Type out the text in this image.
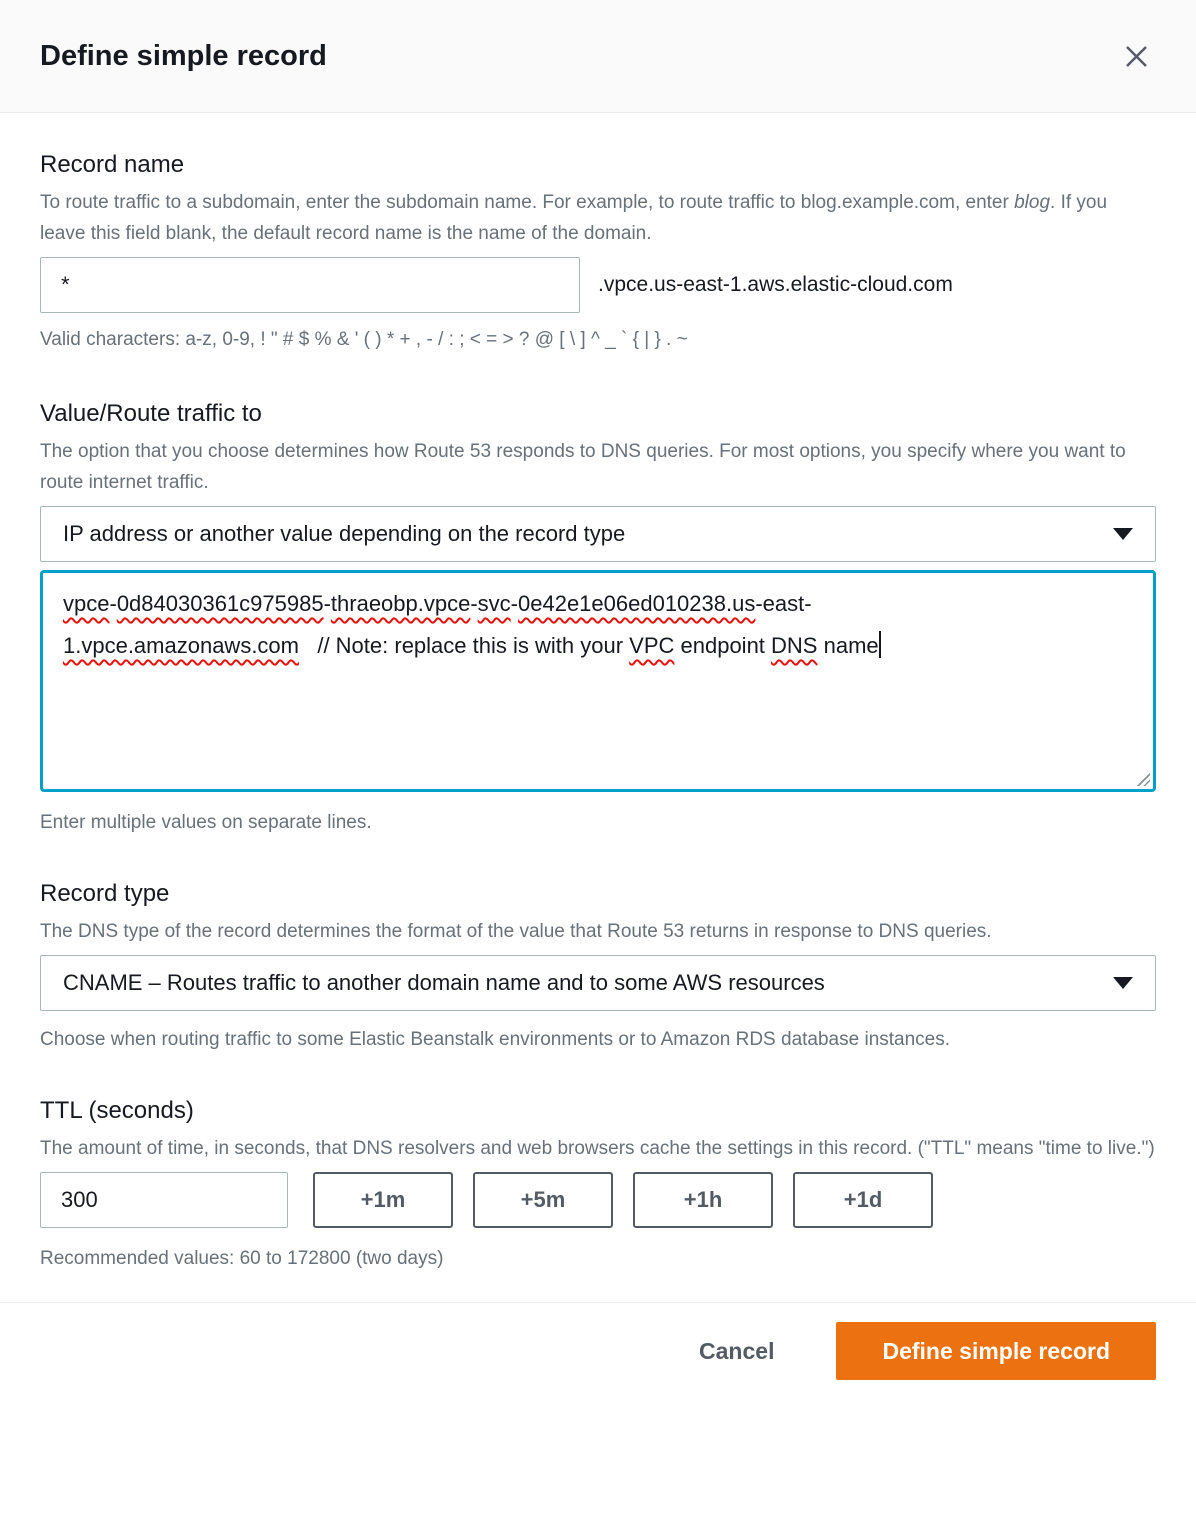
Define simple record
Record name
To route traffic to a subdomain, enter the subdomain name. For example, to route traffic to blog.example.com, enter blog. If you leave this field blank, the default record name is the name of the domain.
*
.vpce.us-east-1.aws.elastic-cloud.com
Valid characters: a-z, 0-9, ! " # $ % & ' ( ) * + , - / : ; < = > ? @ [ \ ] ^ _ ` { | } . ~
Value/Route traffic to
The option that you choose determines how Route 53 responds to DNS queries. For most options, you specify where you want to route internet traffic.
IP address or another value depending on the record type
vpce-0d84030361c975985-thraeobp.vpce-svc-0e42e1e06ed010238.us-east-
1.vpce.amazonaws.com   // Note: replace this is with your VPC endpoint DNS name
Enter multiple values on separate lines.
Record type
The DNS type of the record determines the format of the value that Route 53 returns in response to DNS queries.
CNAME – Routes traffic to another domain name and to some AWS resources
Choose when routing traffic to some Elastic Beanstalk environments or to Amazon RDS database instances.
TTL (seconds)
The amount of time, in seconds, that DNS resolvers and web browsers cache the settings in this record. ("TTL" means "time to live.")
300
+1m	+5m	+1h	+1d
Recommended values: 60 to 172800 (two days)
Cancel	Define simple record
